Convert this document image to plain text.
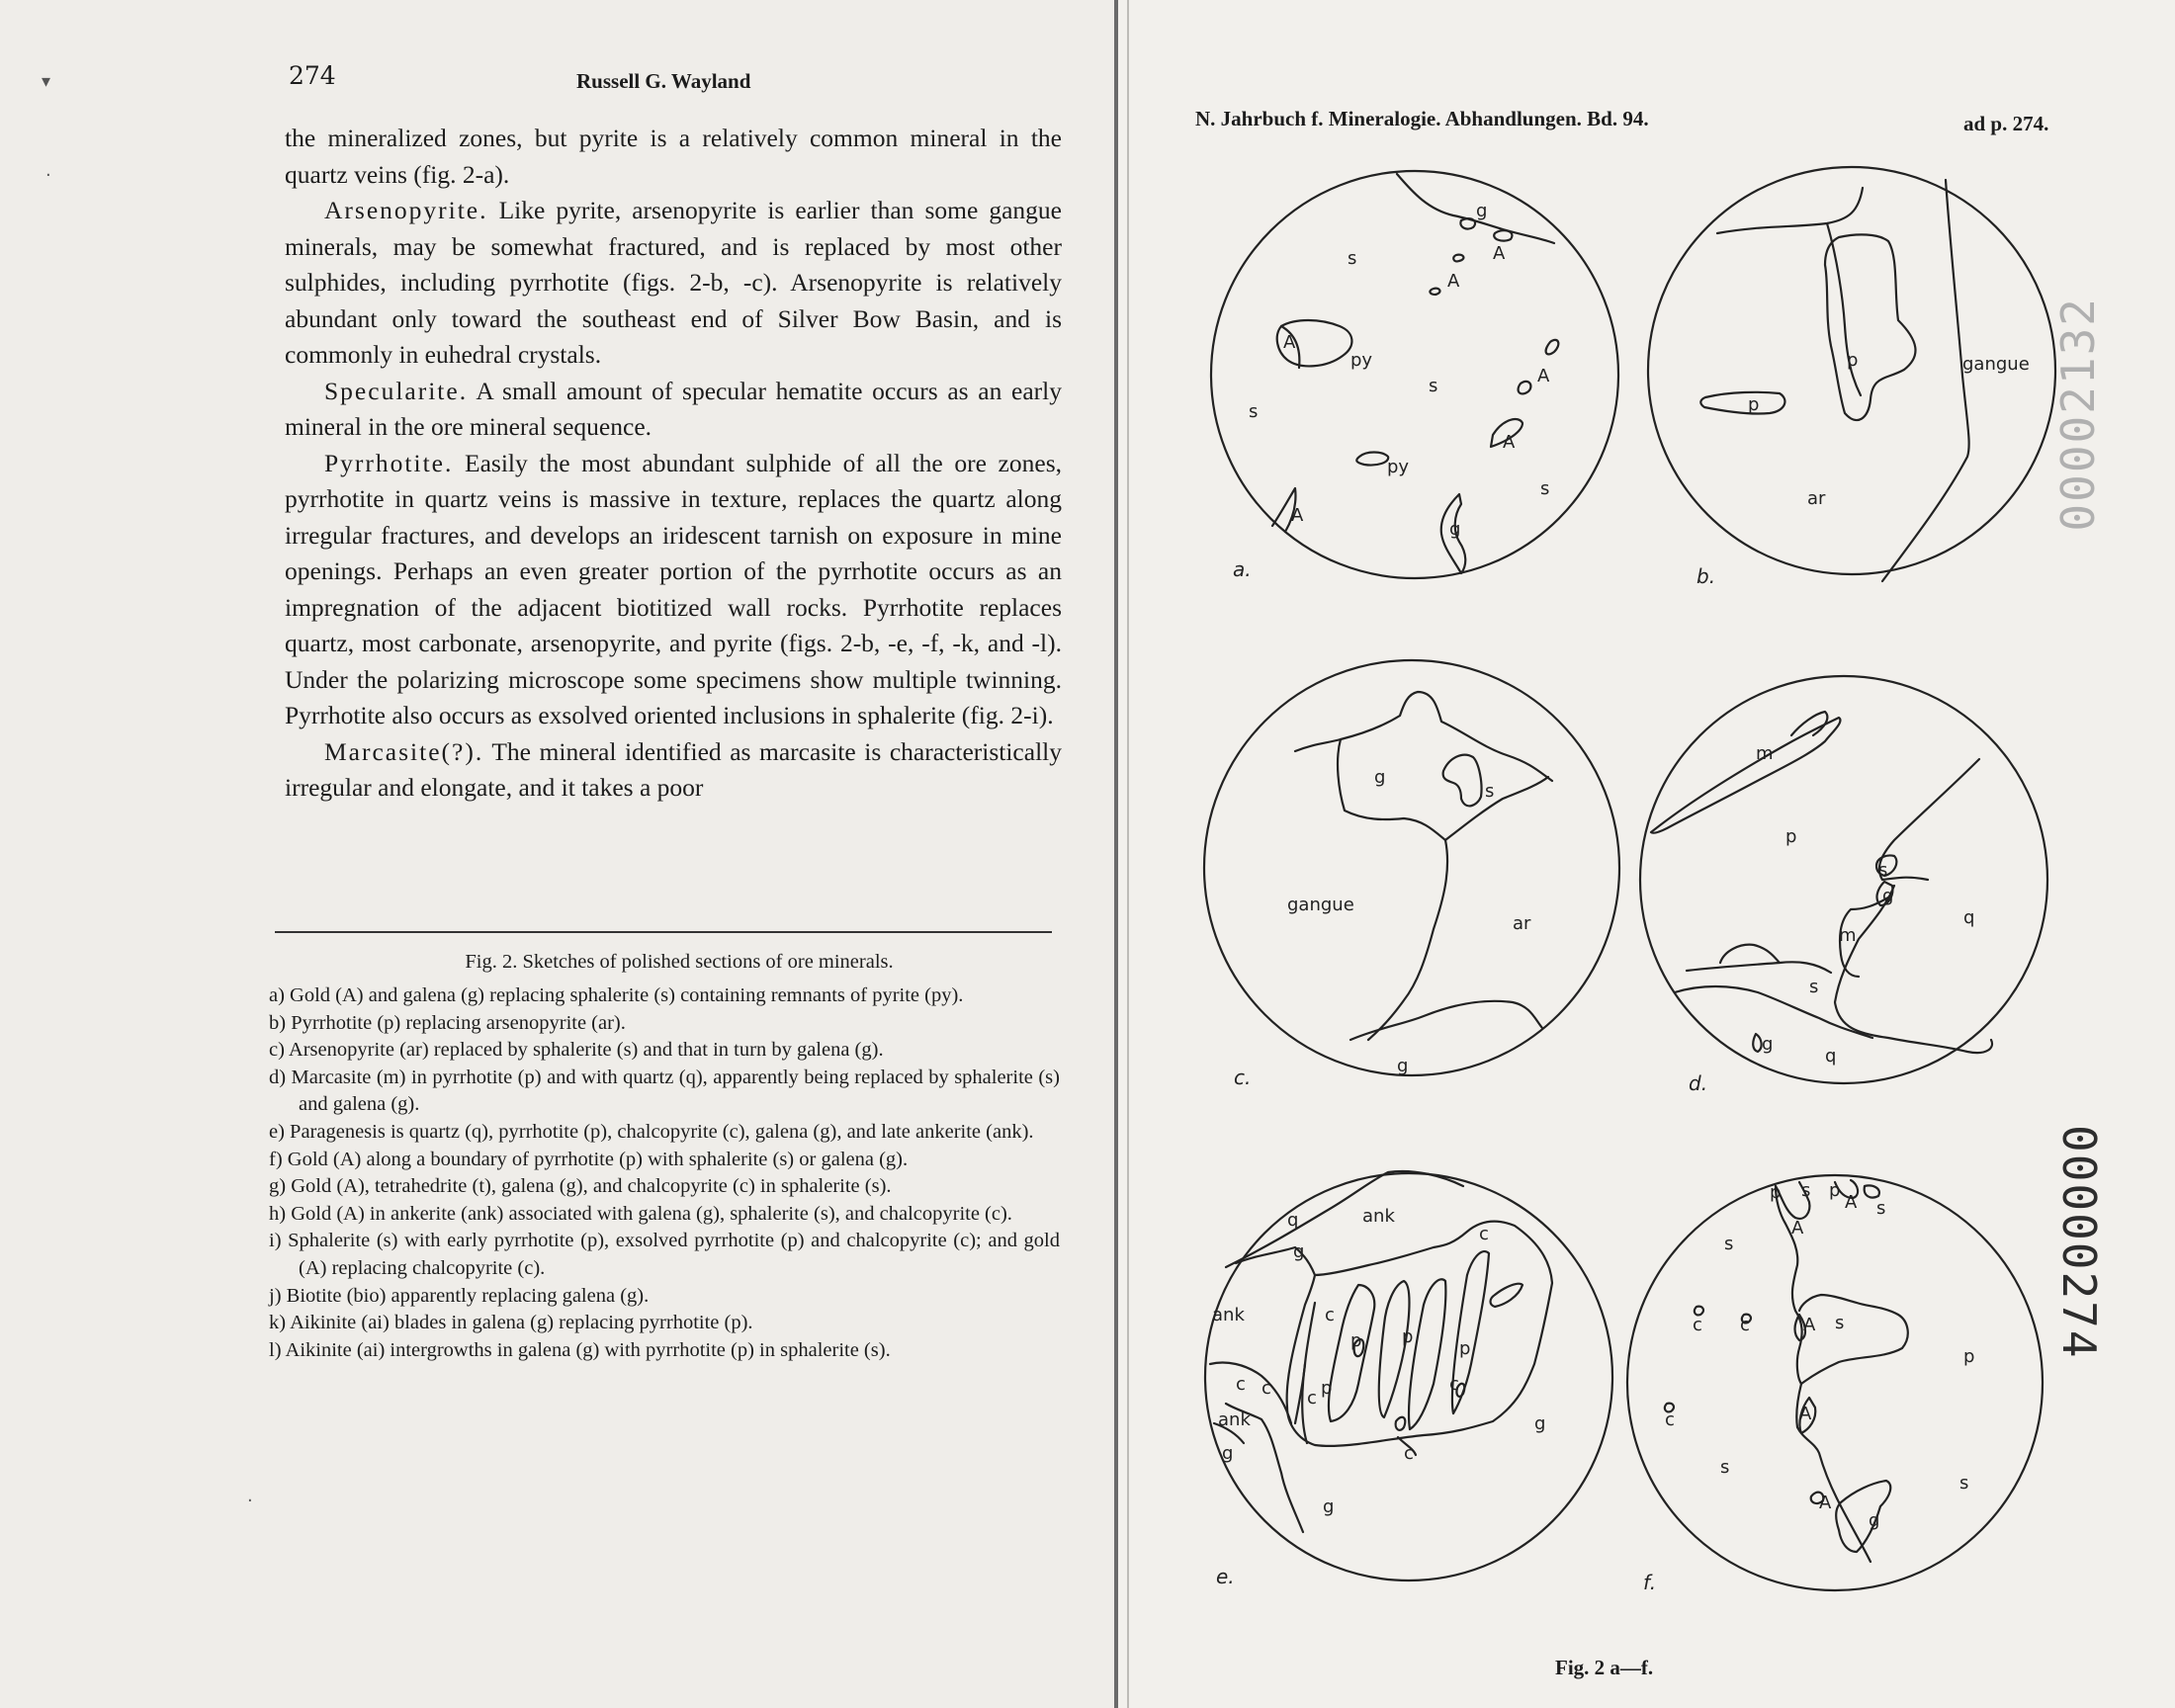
▾
·
·
274	Russell G. Wayland

the mineralized zones, but pyrite is a relatively common mineral in the quartz veins (fig. 2-a).

Arsenopyrite. Like pyrite, arsenopyrite is earlier than some gangue minerals, may be somewhat fractured, and is replaced by most other sulphides, including pyrrhotite (figs. 2-b, -c). Arsenopyrite is relatively abundant only toward the southeast end of Silver Bow Basin, and is commonly in euhedral crystals.

Specularite. A small amount of specular hematite occurs as an early mineral in the ore mineral sequence.

Pyrrhotite. Easily the most abundant sulphide of all the ore zones, pyrrhotite in quartz veins is massive in texture, replaces the quartz along irregular fractures, and develops an iridescent tarnish on exposure in mine openings. Perhaps an even greater portion of the pyrrhotite occurs as an impregnation of the adjacent biotitized wall rocks. Pyrrhotite replaces quartz, most carbonate, arsenopyrite, and pyrite (figs. 2-b, -e, -f, -k, and -l). Under the polarizing microscope some specimens show multiple twinning. Pyrrhotite also occurs as exsolved oriented inclusions in sphalerite (fig. 2-i).

Marcasite(?). The mineral identified as marcasite is characteristically irregular and elongate, and it takes a poor

Fig. 2. Sketches of polished sections of ore minerals.
a) Gold (A) and galena (g) replacing sphalerite (s) containing remnants of pyrite (py).
b) Pyrrhotite (p) replacing arsenopyrite (ar).
c) Arsenopyrite (ar) replaced by sphalerite (s) and that in turn by galena (g).
d) Marcasite (m) in pyrrhotite (p) and with quartz (q), apparently being replaced by sphalerite (s) and galena (g).
e) Paragenesis is quartz (q), pyrrhotite (p), chalcopyrite (c), galena (g), and late ankerite (ank).
f) Gold (A) along a boundary of pyrrhotite (p) with sphalerite (s) or galena (g).
g) Gold (A), tetrahedrite (t), galena (g), and chalcopyrite (c) in sphalerite (s).
h) Gold (A) in ankerite (ank) associated with galena (g), sphalerite (s), and chalcopyrite (c).
i) Sphalerite (s) with early pyrrhotite (p), exsolved pyrrhotite (p) and chalcopyrite (c); and gold (A) replacing chalcopyrite (c).
j) Biotite (bio) apparently replacing galena (g).
k) Aikinite (ai) blades in galena (g) replacing pyrrhotite (p).
l) Aikinite (ai) intergrowths in galena (g) with pyrrhotite (p) in sphalerite (s).
N. Jahrbuch f. Mineralogie. Abhandlungen. Bd. 94.	ad p. 274.
00002132
00000274
g
A
A
s
A
py
s	A
s
A
py
s
A
g
a.
p	gangue
p
ar
b.
g
s
gangue
ar
g
c.
m
p
s
g
q
m
s
g
q
d.
q	ank
c
g
ank	c
p p
p
c c
ank
c p	c
c
g
g
g
e.
p s p
A s
A
s
c c	A s
p
c	A
s
s
A
g
f.
Fig. 2 a—f.
